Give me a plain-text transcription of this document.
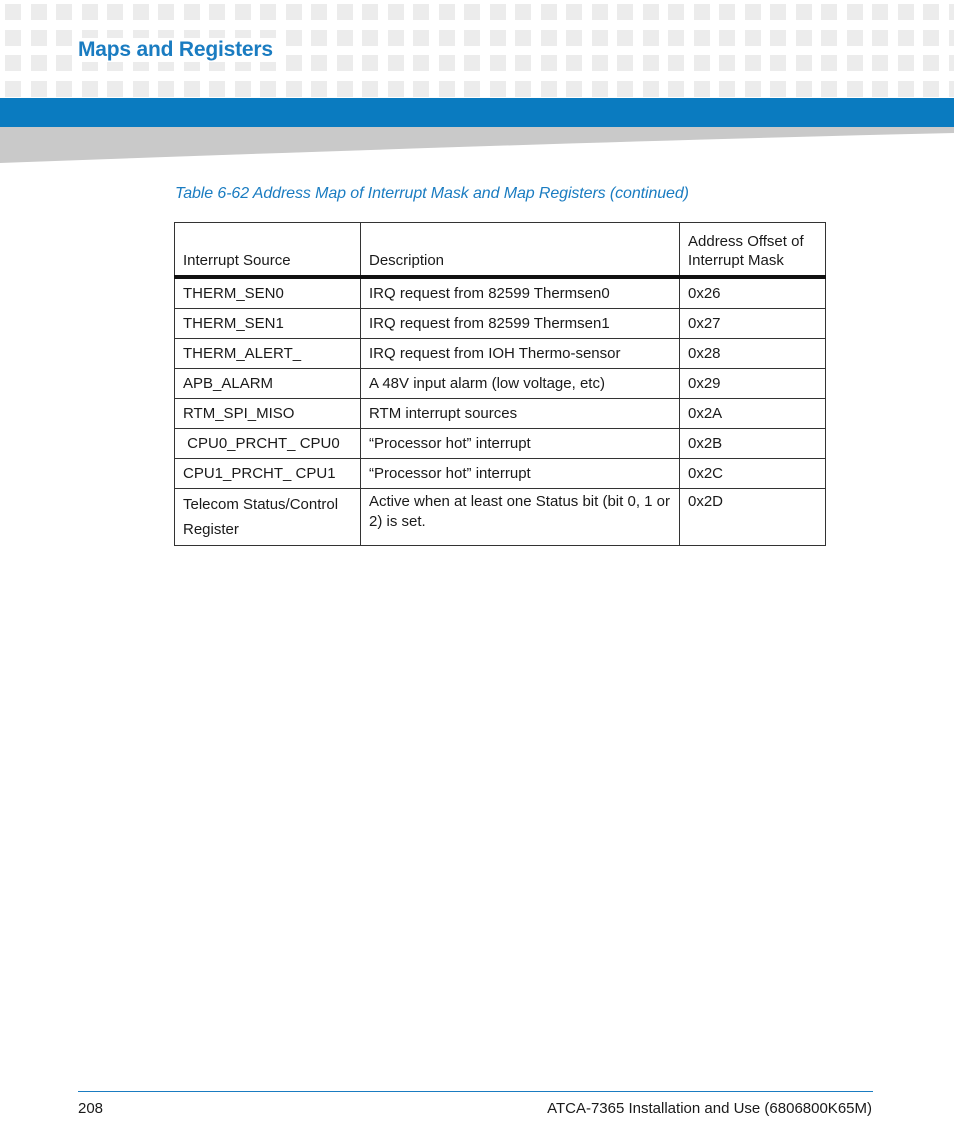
Maps and Registers
Table 6-62 Address Map of Interrupt Mask and Map Registers (continued)
Interrupt Source	Description	Address Offset of Interrupt Mask
THERM_SEN0	IRQ request from 82599 Thermsen0	0x26
THERM_SEN1	IRQ request from 82599 Thermsen1	0x27
THERM_ALERT_	IRQ request from IOH Thermo-sensor	0x28
APB_ALARM	A 48V input alarm (low voltage, etc)	0x29
RTM_SPI_MISO	RTM interrupt sources	0x2A
CPU0_PRCHT_ CPU0	“Processor hot” interrupt	0x2B
CPU1_PRCHT_ CPU1	“Processor hot” interrupt	0x2C
Telecom Status/Control Register	Active when at least one Status bit (bit 0, 1 or 2) is set.	0x2D
208	ATCA-7365 Installation and Use (6806800K65M)
